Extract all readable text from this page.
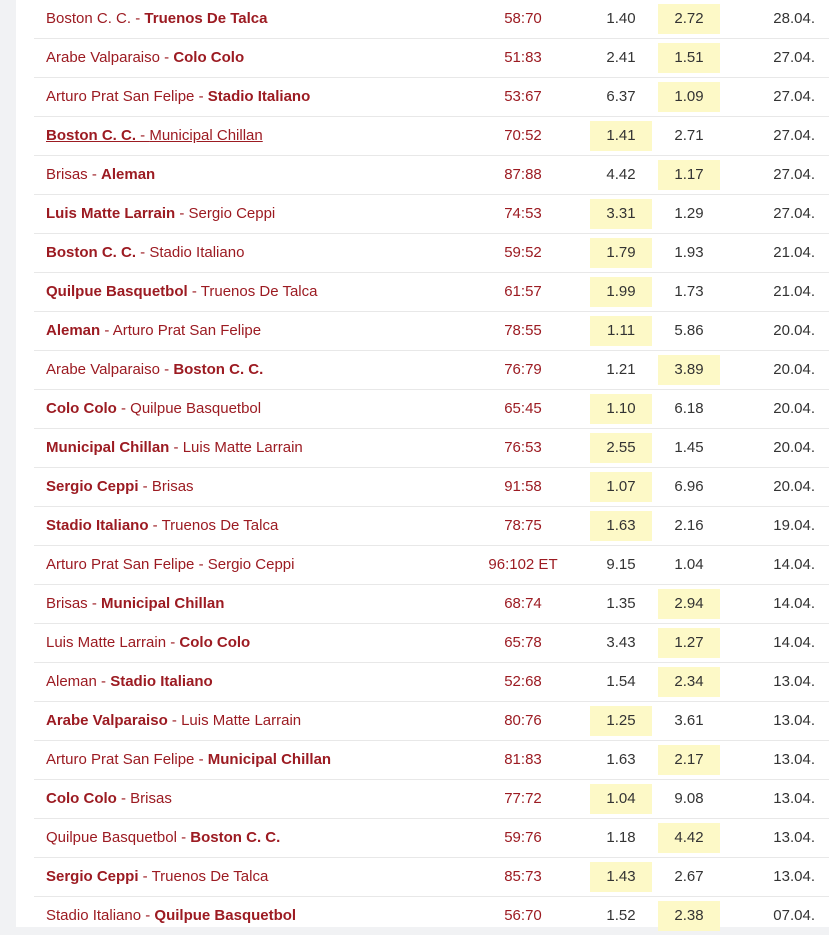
Boston C. C. - Truenos De Talca	58:70	1.40	2.72	28.04.
Arabe Valparaiso - Colo Colo	51:83	2.41	1.51	27.04.
Arturo Prat San Felipe - Stadio Italiano	53:67	6.37	1.09	27.04.
Boston C. C. - Municipal Chillan	70:52	1.41	2.71	27.04.
Brisas - Aleman	87:88	4.42	1.17	27.04.
Luis Matte Larrain - Sergio Ceppi	74:53	3.31	1.29	27.04.
Boston C. C. - Stadio Italiano	59:52	1.79	1.93	21.04.
Quilpue Basquetbol - Truenos De Talca	61:57	1.99	1.73	21.04.
Aleman - Arturo Prat San Felipe	78:55	1.11	5.86	20.04.
Arabe Valparaiso - Boston C. C.	76:79	1.21	3.89	20.04.
Colo Colo - Quilpue Basquetbol	65:45	1.10	6.18	20.04.
Municipal Chillan - Luis Matte Larrain	76:53	2.55	1.45	20.04.
Sergio Ceppi - Brisas	91:58	1.07	6.96	20.04.
Stadio Italiano - Truenos De Talca	78:75	1.63	2.16	19.04.
Arturo Prat San Felipe - Sergio Ceppi	96:102 ET	9.15	1.04	14.04.
Brisas - Municipal Chillan	68:74	1.35	2.94	14.04.
Luis Matte Larrain - Colo Colo	65:78	3.43	1.27	14.04.
Aleman - Stadio Italiano	52:68	1.54	2.34	13.04.
Arabe Valparaiso - Luis Matte Larrain	80:76	1.25	3.61	13.04.
Arturo Prat San Felipe - Municipal Chillan	81:83	1.63	2.17	13.04.
Colo Colo - Brisas	77:72	1.04	9.08	13.04.
Quilpue Basquetbol - Boston C. C.	59:76	1.18	4.42	13.04.
Sergio Ceppi - Truenos De Talca	85:73	1.43	2.67	13.04.
Stadio Italiano - Quilpue Basquetbol	56:70	1.52	2.38	07.04.
